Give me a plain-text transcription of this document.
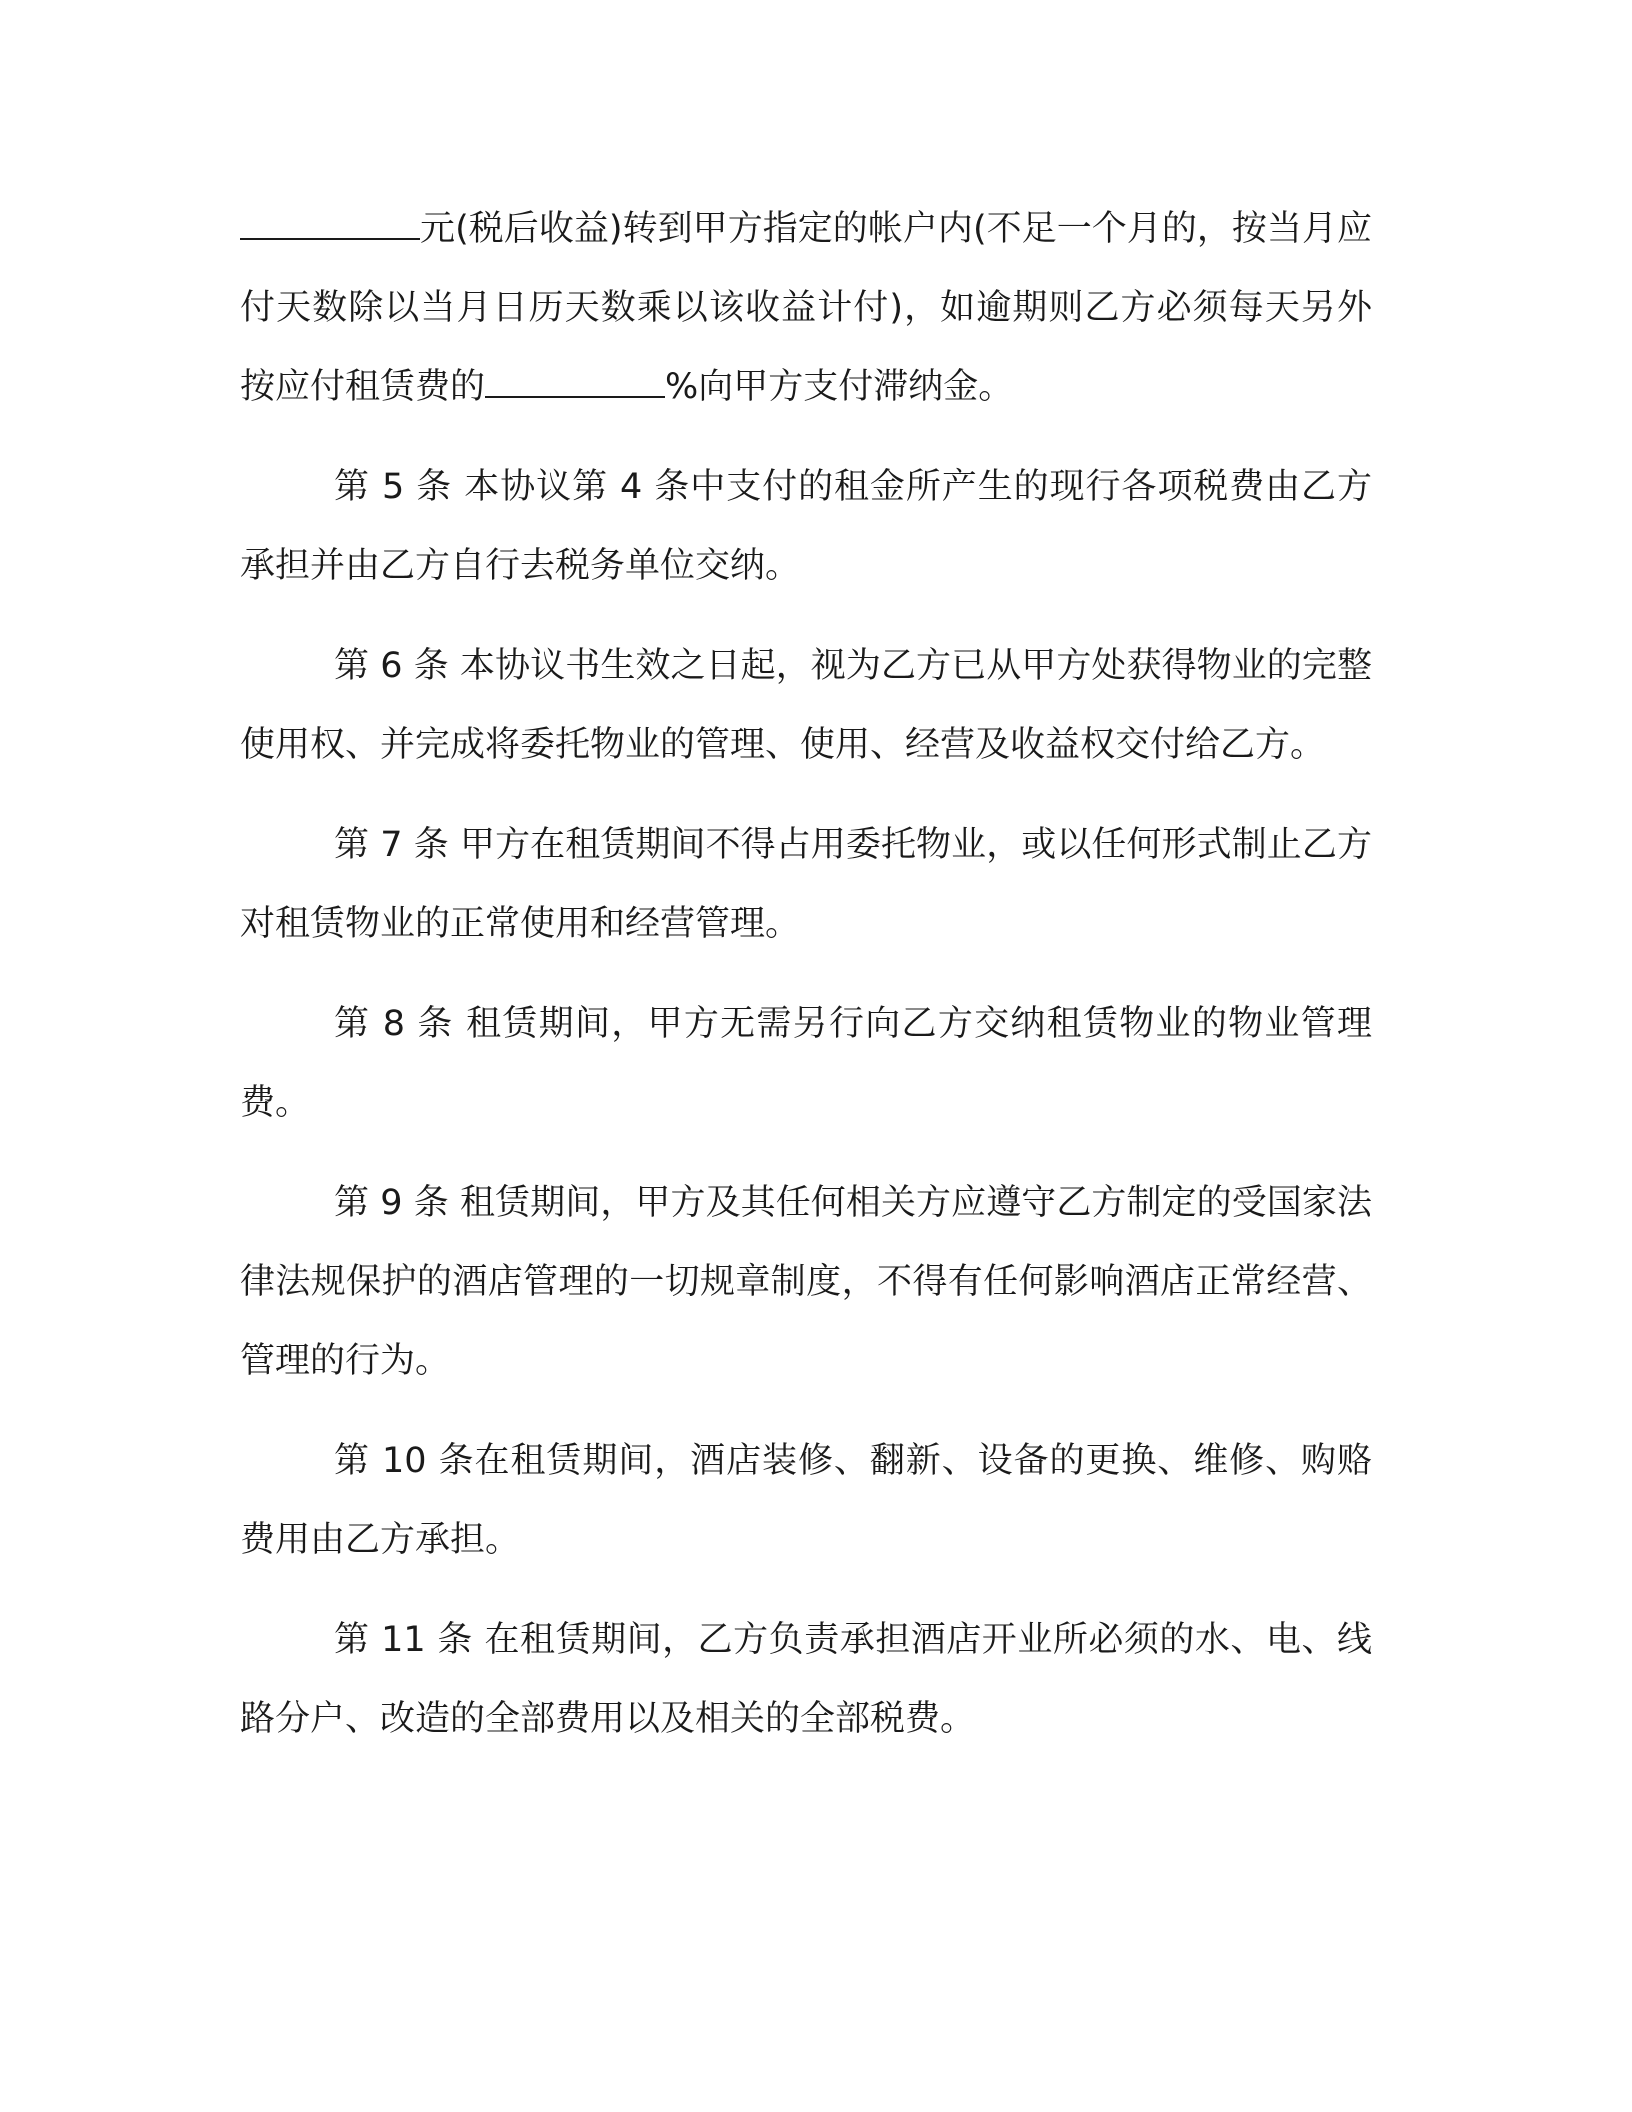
元(税后收益)转到甲方指定的帐户内(不足一个月的，按当月应付天数除以当月日历天数乘以该收益计付)，如逾期则乙方必须每天另外按应付租赁费的	%向甲方支付滞纳金。

第 5 条 本协议第 4 条中支付的租金所产生的现行各项税费由乙方承担并由乙方自行去税务单位交纳。

第 6 条 本协议书生效之日起，视为乙方已从甲方处获得物业的完整使用权、并完成将委托物业的管理、使用、经营及收益权交付给乙方。

第 7 条 甲方在租赁期间不得占用委托物业，或以任何形式制止乙方对租赁物业的正常使用和经营管理。

第 8 条 租赁期间，甲方无需另行向乙方交纳租赁物业的物业管理费。

第 9 条 租赁期间，甲方及其任何相关方应遵守乙方制定的受国家法律法规保护的酒店管理的一切规章制度，不得有任何影响酒店正常经营、管理的行为。

第 10 条在租赁期间，酒店装修、翻新、设备的更换、维修、购赂费用由乙方承担。

第 11 条 在租赁期间，乙方负责承担酒店开业所必须的水、电、线路分户、改造的全部费用以及相关的全部税费。
